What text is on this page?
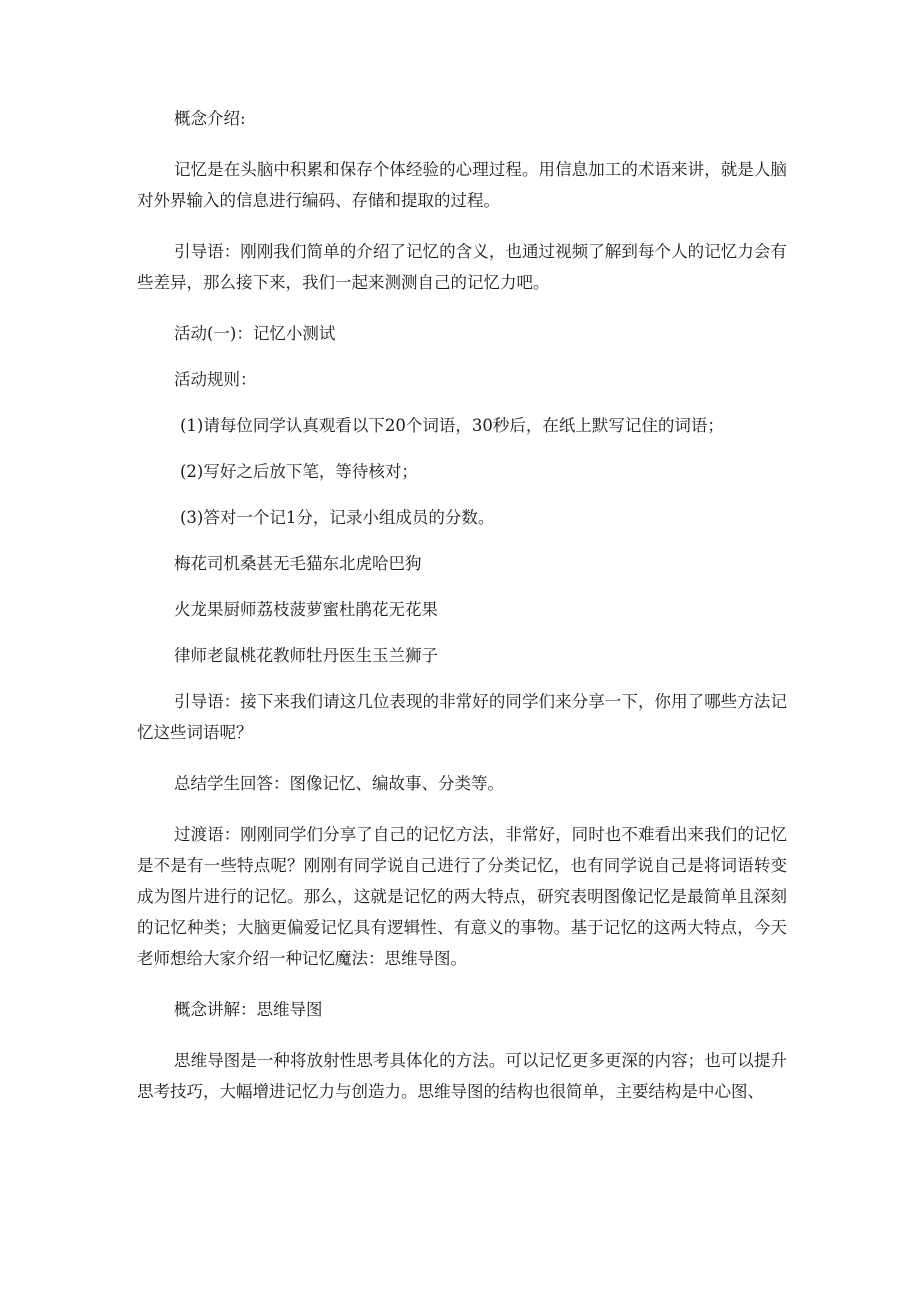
概念介绍:

记忆是在头脑中积累和保存个体经验的心理过程。用信息加工的术语来讲，就是人脑对外界输入的信息进行编码、存储和提取的过程。

引导语：刚刚我们简单的介绍了记忆的含义，也通过视频了解到每个人的记忆力会有些差异，那么接下来，我们一起来测测自己的记忆力吧。

活动(一)：记忆小测试

活动规则：

(1)请每位同学认真观看以下20个词语，30秒后，在纸上默写记住的词语；

(2)写好之后放下笔，等待核对；

(3)答对一个记1分，记录小组成员的分数。

梅花司机桑甚无毛猫东北虎哈巴狗

火龙果厨师荔枝菠萝蜜杜鹃花无花果

律师老鼠桃花教师牡丹医生玉兰狮子

引导语：接下来我们请这几位表现的非常好的同学们来分享一下，你用了哪些方法记忆这些词语呢？

总结学生回答：图像记忆、编故事、分类等。

过渡语：刚刚同学们分享了自己的记忆方法，非常好，同时也不难看出来我们的记忆是不是有一些特点呢？刚刚有同学说自己进行了分类记忆，也有同学说自己是将词语转变成为图片进行的记忆。那么，这就是记忆的两大特点，研究表明图像记忆是最简单且深刻的记忆种类；大脑更偏爱记忆具有逻辑性、有意义的事物。基于记忆的这两大特点，今天老师想给大家介绍一种记忆魔法：思维导图。

概念讲解：思维导图

思维导图是一种将放射性思考具体化的方法。可以记忆更多更深的内容；也可以提升思考技巧，大幅增进记忆力与创造力。思维导图的结构也很简单，主要结构是中心图、
